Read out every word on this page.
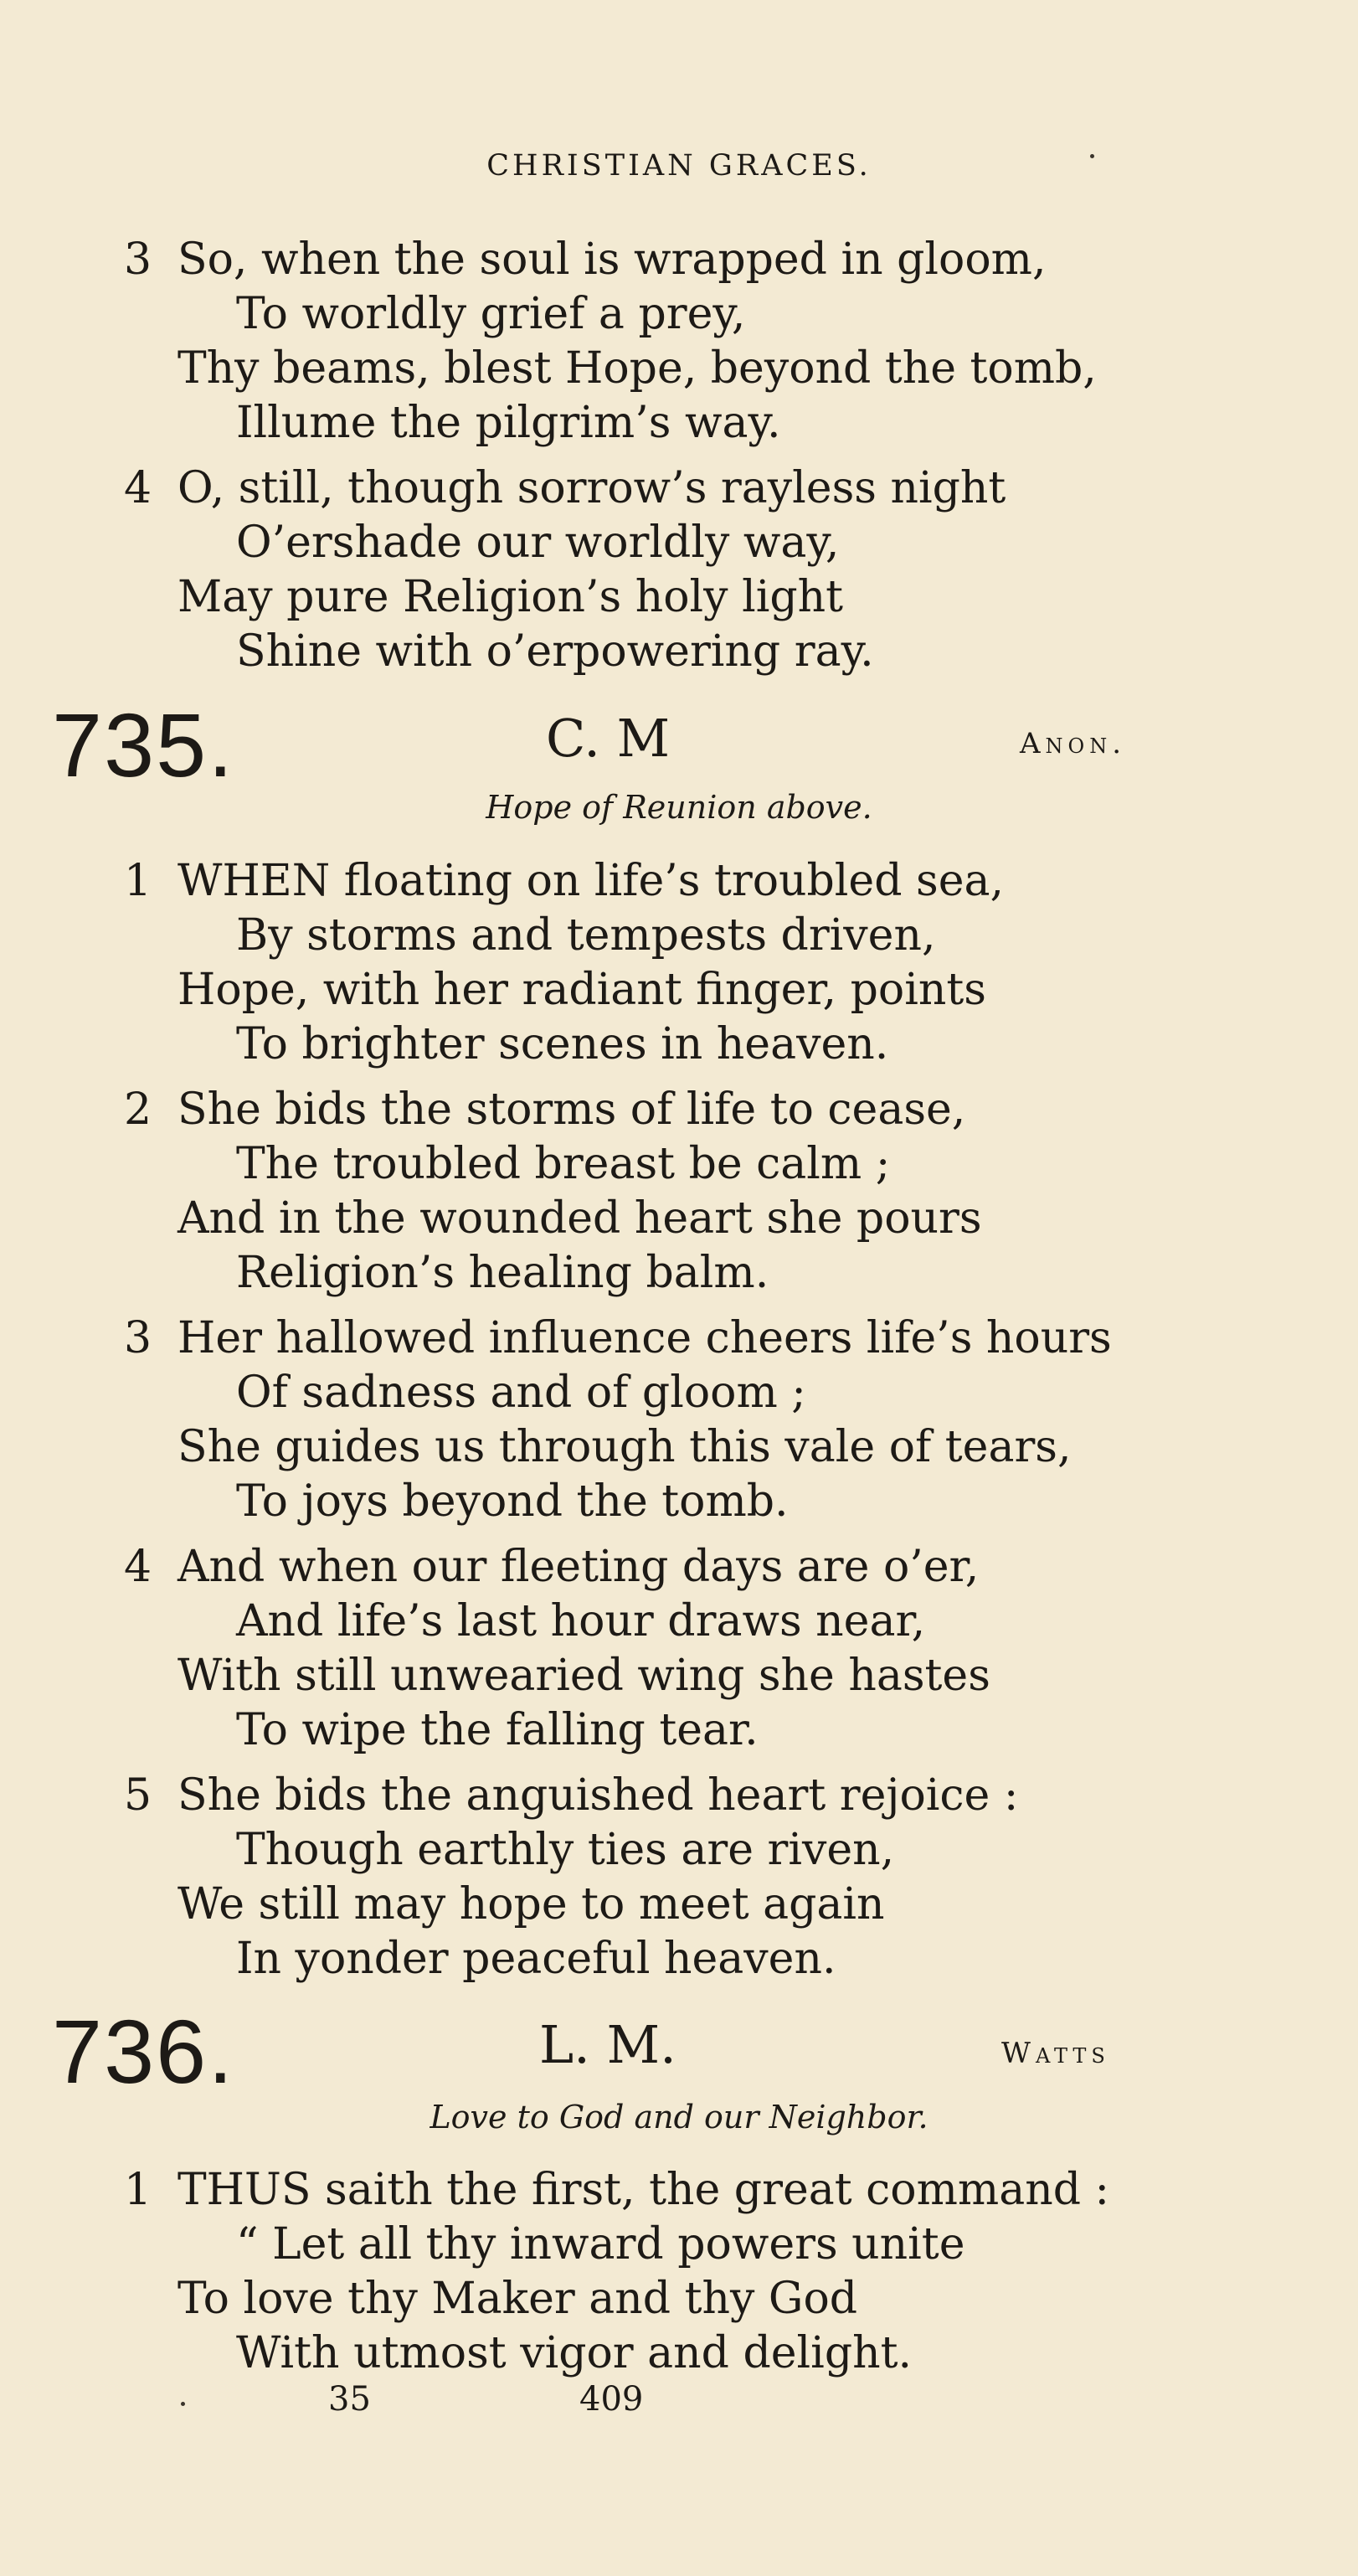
CHRISTIAN GRACES.
3 So, when the soul is wrapped in gloom,
To worldly grief a prey,
Thy beams, blest Hope, beyond the tomb,
Illume the pilgrim’s way.
4 O, still, though sorrow’s rayless night
O’ershade our worldly way,
May pure Religion’s holy light
Shine with o’erpowering ray.
735.	C. M	Anon.
Hope of Reunion above.
1 WHEN floating on life’s troubled sea,
By storms and tempests driven,
Hope, with her radiant finger, points
To brighter scenes in heaven.
2 She bids the storms of life to cease,
The troubled breast be calm ;
And in the wounded heart she pours
Religion’s healing balm.
3 Her hallowed influence cheers life’s hours
Of sadness and of gloom ;
She guides us through this vale of tears,
To joys beyond the tomb.
4 And when our fleeting days are o’er,
And life’s last hour draws near,
With still unwearied wing she hastes
To wipe the falling tear.
5 She bids the anguished heart rejoice :
Though earthly ties are riven,
We still may hope to meet again
In yonder peaceful heaven.
736.	L. M.	Watts
Love to God and our Neighbor.
1 THUS saith the first, the great command :
“ Let all thy inward powers unite
To love thy Maker and thy God
With utmost vigor and delight.
35	409
